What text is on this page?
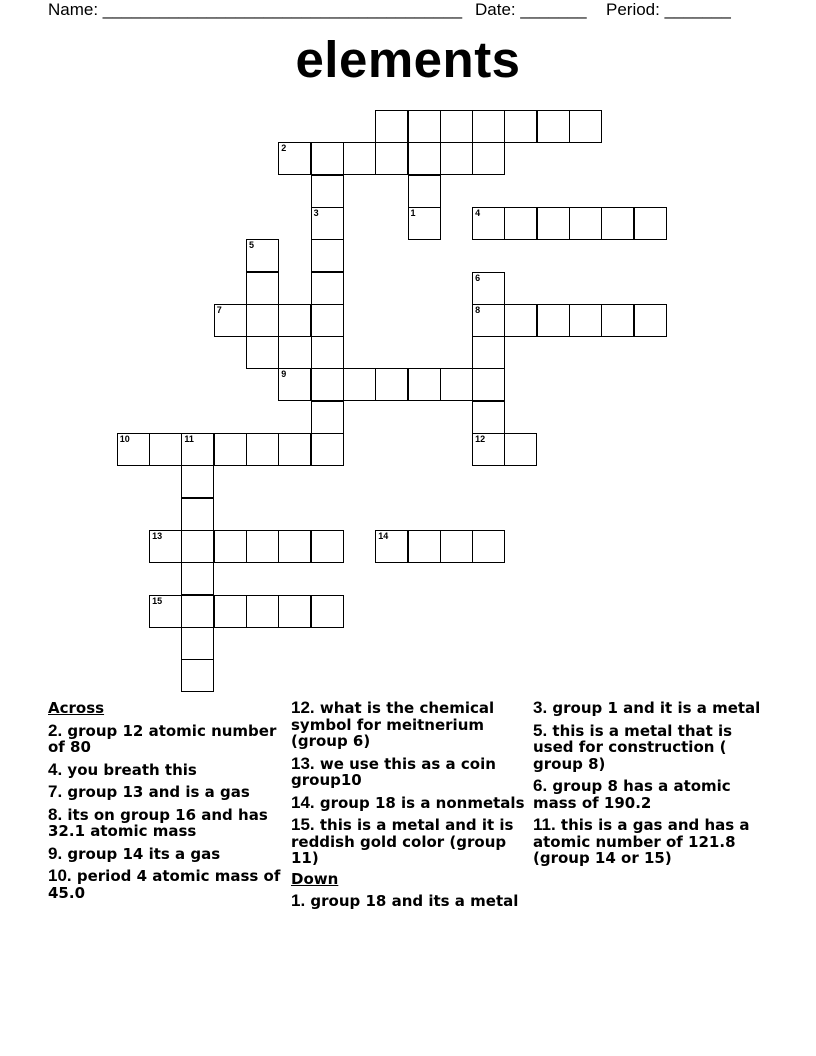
Name: ______________________________________ Date: _______ Period: _______
elements
2
1
3
5
4
6
8
12
7
9
10	11
13	14
15
Across
2. group 12 atomic number of 80
4. you breath this
7. group 13 and is a gas
8. its on group 16 and has 32.1 atomic mass
9. group 14 its a gas
10. period 4 atomic mass of 45.0
12. what is the chemical symbol for meitnerium (group 6)
13. we use this as a coin group10
14. group 18 is a nonmetals
15. this is a metal and it is reddish gold color (group 11)
Down
1. group 18 and its a metal
3. group 1 and it is a metal
5. this is a metal that is used for construction ( group 8)
6. group 8 has a atomic mass of 190.2
11. this is a gas and has a atomic number of 121.8 (group 14 or 15)
